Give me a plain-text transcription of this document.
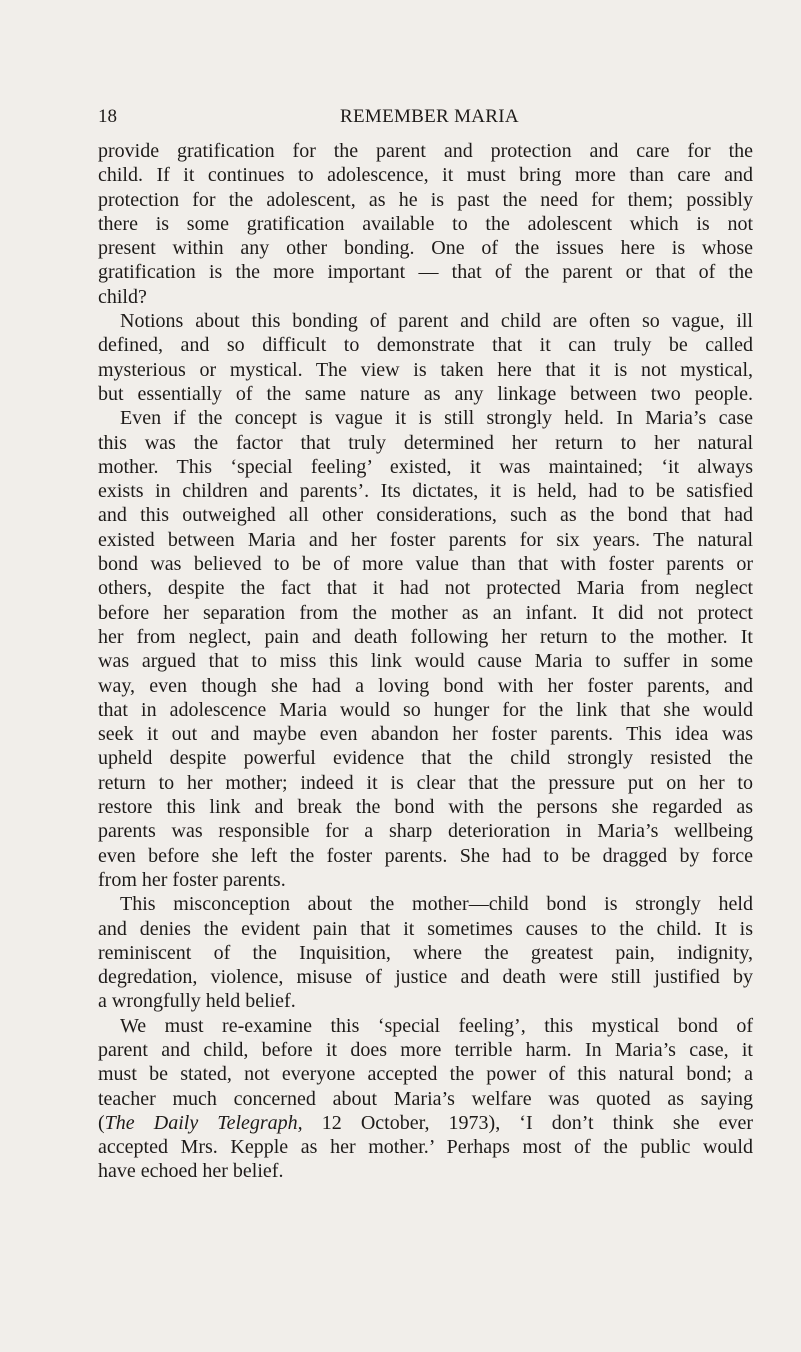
18	REMEMBER MARIA
provide gratification for the parent and protection and care for the
child. If it continues to adolescence, it must bring more than care and
protection for the adolescent, as he is past the need for them; possibly
there is some gratification available to the adolescent which is not
present within any other bonding. One of the issues here is whose
gratification is the more important — that of the parent or that of the
child?
Notions about this bonding of parent and child are often so vague, ill
defined, and so difficult to demonstrate that it can truly be called
mysterious or mystical. The view is taken here that it is not mystical,
but essentially of the same nature as any linkage between two people.
Even if the concept is vague it is still strongly held. In Maria’s case
this was the factor that truly determined her return to her natural
mother. This ‘special feeling’ existed, it was maintained; ‘it always
exists in children and parents’. Its dictates, it is held, had to be satisfied
and this outweighed all other considerations, such as the bond that had
existed between Maria and her foster parents for six years. The natural
bond was believed to be of more value than that with foster parents or
others, despite the fact that it had not protected Maria from neglect
before her separation from the mother as an infant. It did not protect
her from neglect, pain and death following her return to the mother. It
was argued that to miss this link would cause Maria to suffer in some
way, even though she had a loving bond with her foster parents, and
that in adolescence Maria would so hunger for the link that she would
seek it out and maybe even abandon her foster parents. This idea was
upheld despite powerful evidence that the child strongly resisted the
return to her mother; indeed it is clear that the pressure put on her to
restore this link and break the bond with the persons she regarded as
parents was responsible for a sharp deterioration in Maria’s wellbeing
even before she left the foster parents. She had to be dragged by force
from her foster parents.
This misconception about the mother—child bond is strongly held
and denies the evident pain that it sometimes causes to the child. It is
reminiscent of the Inquisition, where the greatest pain, indignity,
degredation, violence, misuse of justice and death were still justified by
a wrongfully held belief.
We must re-examine this ‘special feeling’, this mystical bond of
parent and child, before it does more terrible harm. In Maria’s case, it
must be stated, not everyone accepted the power of this natural bond; a
teacher much concerned about Maria’s welfare was quoted as saying
(The Daily Telegraph, 12 October, 1973), ‘I don’t think she ever
accepted Mrs. Kepple as her mother.’ Perhaps most of the public would
have echoed her belief.
